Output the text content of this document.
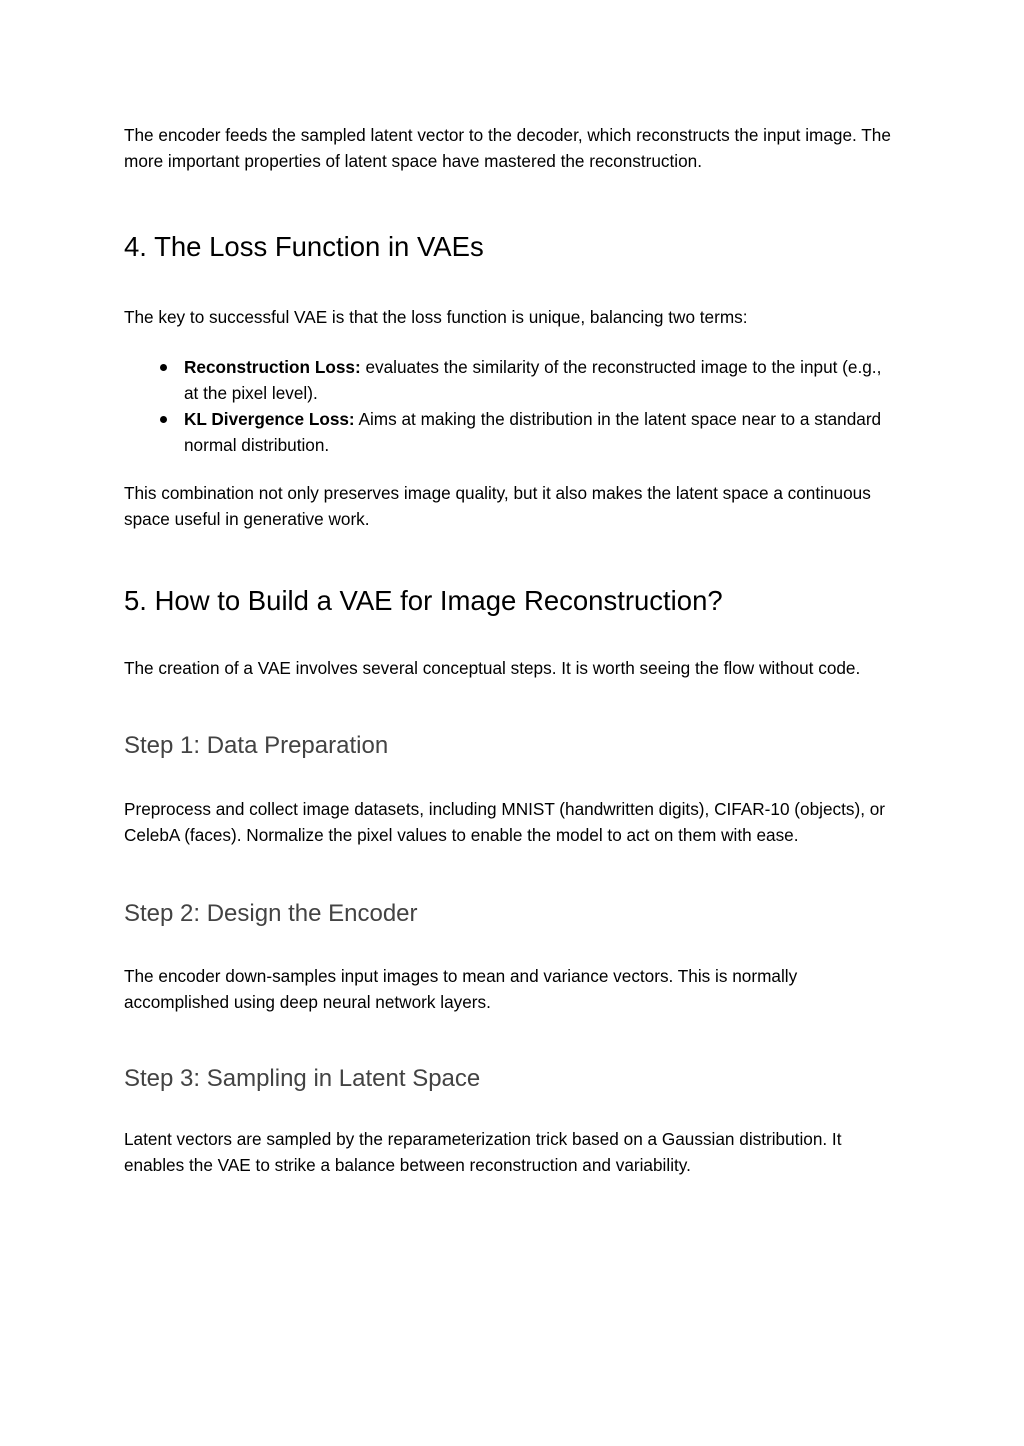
The encoder feeds the sampled latent vector to the decoder, which reconstructs the input image. The more important properties of latent space have mastered the reconstruction.

4. The Loss Function in VAEs

The key to successful VAE is that the loss function is unique, balancing two terms:

Reconstruction Loss: evaluates the similarity of the reconstructed image to the input (e.g., at the pixel level).
KL Divergence Loss: Aims at making the distribution in the latent space near to a standard normal distribution.

This combination not only preserves image quality, but it also makes the latent space a continuous space useful in generative work.

5. How to Build a VAE for Image Reconstruction?

The creation of a VAE involves several conceptual steps. It is worth seeing the flow without code.

Step 1: Data Preparation

Preprocess and collect image datasets, including MNIST (handwritten digits), CIFAR-10 (objects), or CelebA (faces). Normalize the pixel values to enable the model to act on them with ease.

Step 2: Design the Encoder

The encoder down-samples input images to mean and variance vectors. This is normally accomplished using deep neural network layers.

Step 3: Sampling in Latent Space

Latent vectors are sampled by the reparameterization trick based on a Gaussian distribution. It enables the VAE to strike a balance between reconstruction and variability.
